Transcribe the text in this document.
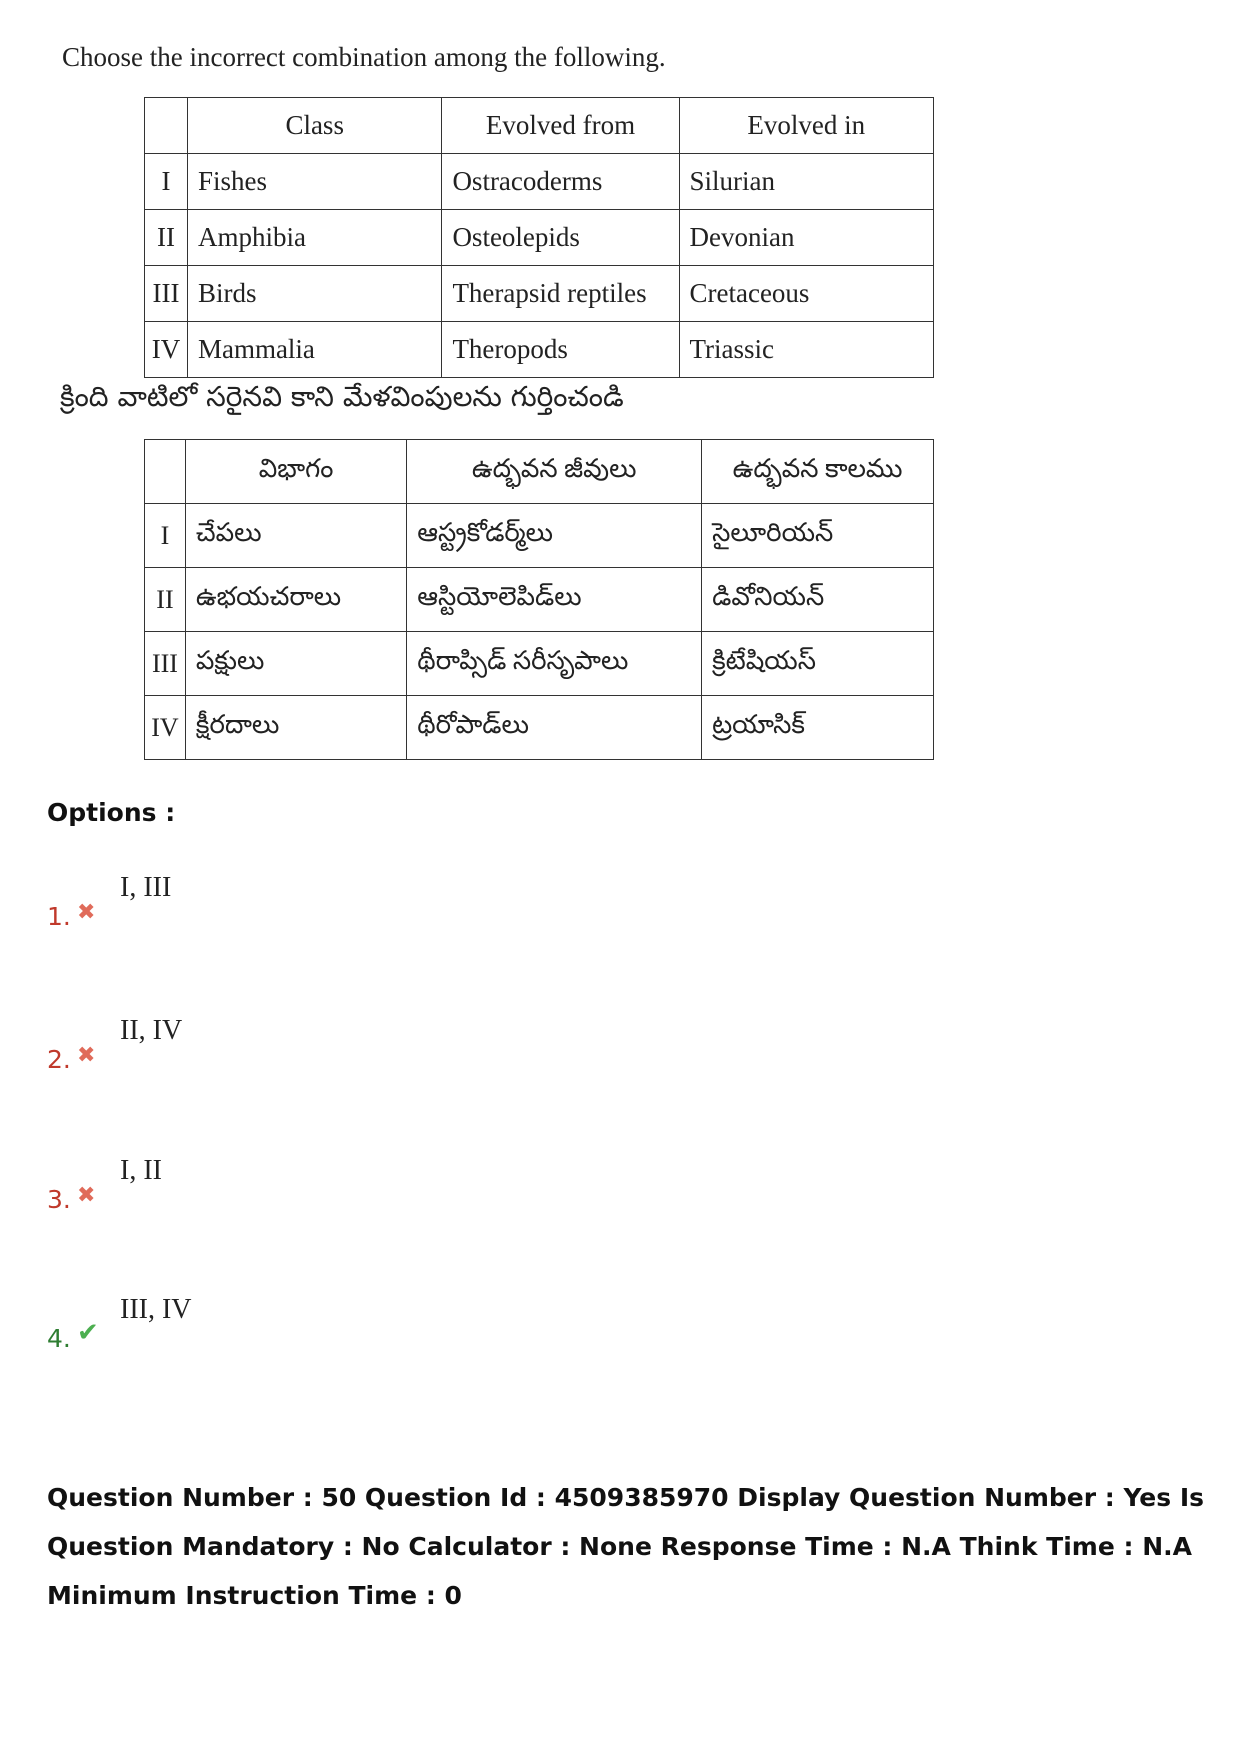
Choose the incorrect combination among the following.
	Class	Evolved from	Evolved in
I	Fishes	Ostracoderms	Silurian
II	Amphibia	Osteolepids	Devonian
III	Birds	Therapsid reptiles	Cretaceous
IV	Mammalia	Theropods	Triassic
క్రింది వాటిలో సరైనవి కాని మేళవింపులను గుర్తించండి
	విభాగం	ఉద్భవన జీవులు	ఉద్భవన కాలము
I	చేపలు	ఆస్ట్రకోడర్మ్‌లు	సైలూరియన్
II	ఉభయచరాలు	ఆస్టియోలెపిడ్‌లు	డివోనియన్
III	పక్షులు	థీరాప్సిడ్ సరీసృపాలు	క్రిటేషియస్
IV	క్షీరదాలు	థీరోపాడ్‌లు	ట్రయాసిక్
Options :
1. ✖
I, III
2. ✖
II, IV
3. ✖
I, II
4. ✔
III, IV
Question Number : 50 Question Id : 4509385970 Display Question Number : Yes Is Question Mandatory : No Calculator : None Response Time : N.A Think Time : N.A Minimum Instruction Time : 0
